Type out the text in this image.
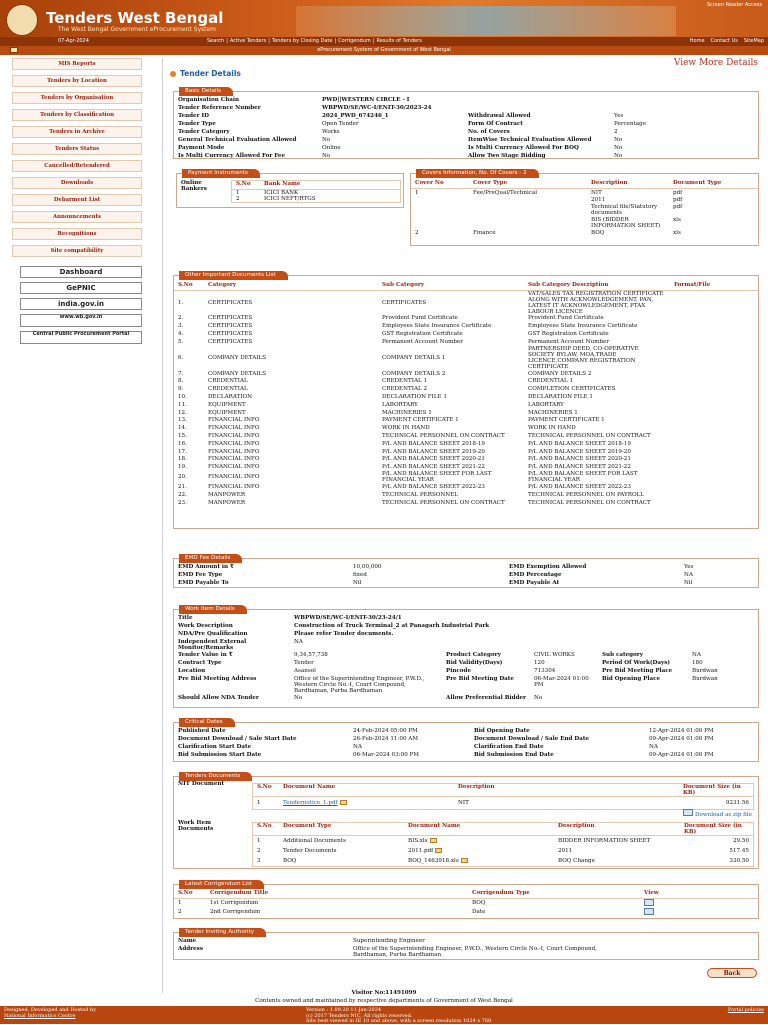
Tenders West Bengal
The West Bengal Government eProcurement System
Screen Reader Access
07-Apr-2024	Search | Active Tenders | Tenders by Closing Date | Corrigendum | Results of Tenders	Home Contact Us SiteMap
eProcurement System of Government of West Bengal
MIS Reports
Tenders by Location
Tenders by Organisation
Tenders by Classification
Tenders in Archive
Tenders Status
Cancelled/Retendered
Downloads
Debarment List
Announcements
Recognitions
Site compatibility
Dashboard
GePNIC
india.gov.in
www.wb.gov.in
Central Public Procurement Portal
Tender Details
View More Details
Basic Details
Organisation Chain	PWD||WESTERN CIRCLE - I		
Tender Reference Number	WBPWD/SE/WC-I/ENIT-30/2023-24		
Tender ID	2024_PWD_674246_1	Withdrawal Allowed	Yes
Tender Type	Open Tender	Form Of Contract	Percentage
Tender Category	Works	No. of Covers	2
General Technical Evaluation Allowed	No	ItemWise Technical Evaluation Allowed	No
Payment Mode	Online	Is Multi Currency Allowed For BOQ	No
Is Multi Currency Allowed For Fee	No	Allow Two Stage Bidding	No
Payment Instruments
Online Bankers
S.No	Bank Name
1	ICICI BANK
2	ICICI NEFT/RTGS
Covers Information, No. Of Covers - 2
Cover No	Cover Type	Description	Document Type
1	Fee/PreQual/Technical	NIT	pdf
		2011	pdf
		Technical file/Statutory documents	pdf
		BIS (BIDDER INFORMATION SHEET)	xls
2	Finance	BOQ	xls
Other Important Documents List
S.No	Category	Sub Category	Sub Category Description	Format/File
1.	CERTIFICATES	CERTIFICATES	VAT/SALES TAX REGISTRATION CERTIFICATE ALONG WITH ACKNOWLEDGEMENT, PAN, LATEST IT ACKNOWLEDGEMENT, PTAX LABOUR LICENCE	
2.	CERTIFICATES	Provident Fund Certificate	Provident Fund Certificate	
3.	CERTIFICATES	Employees State Insurance Certificate	Employees State Insurance Certificate	
4.	CERTIFICATES	GST Registration Certificate	GST Registration Certificate	
5.	CERTIFICATES	Permanent Account Number	Permanent Account Number	
6.	COMPANY DETAILS	COMPANY DETAILS 1	PARTNERSHIP DEED, CO-OPERATIVE SOCIETY BYLAW, MOA,TRADE LICENCE,COMPANY REGISTRATION CERTIFICATE	
7.	COMPANY DETAILS	COMPANY DETAILS 2	COMPANY DETAILS 2	
8.	CREDENTIAL	CREDENTIAL 1	CREDENTIAL 1	
9.	CREDENTIAL	CREDENTIAL 2	COMPLETION CERTIFICATES	
10.	DECLARATION	DECLARATION FILE 1	DECLARATION FILE 1	
11.	EQUIPMENT	LABORTARY	LABORTARY	
12.	EQUIPMENT	MACHINERIES 1	MACHINERIES 1	
13.	FINANCIAL INFO	PAYMENT CERTIFICATE 1	PAYMENT CERTIFICATE 1	
14.	FINANCIAL INFO	WORK IN HAND	WORK IN HAND	
15.	FINANCIAL INFO	TECHNICAL PERSONNEL ON CONTRACT	TECHNICAL PERSONNEL ON CONTRACT	
16.	FINANCIAL INFO	P/L AND BALANCE SHEET 2018-19	P/L AND BALANCE SHEET 2018-19	
17.	FINANCIAL INFO	P/L AND BALANCE SHEET 2019-20	P/L AND BALANCE SHEET 2019-20	
18.	FINANCIAL INFO	P/L AND BALANCE SHEET 2020-21	P/L AND BALANCE SHEET 2020-21	
19.	FINANCIAL INFO	P/L AND BALANCE SHEET 2021-22	P/L AND BALANCE SHEET 2021-22	
20.	FINANCIAL INFO	P/L AND BALANCE SHEET FOR LAST FINANCIAL YEAR	P/L AND BALANCE SHEET FOR LAST FINANCIAL YEAR	
21.	FINANCIAL INFO	P/L AND BALANCE SHEET 2022-23	P/L AND BALANCE SHEET 2022-23	
22.	MANPOWER	TECHNICAL PERSONNEL	TECHNICAL PERSONNEL ON PAYROLL	
23.	MANPOWER	TECHNICAL PERSONNEL ON CONTRACT	TECHNICAL PERSONNEL ON CONTRACT	
EMD Fee Details
EMD Amount in ₹	10,00,000	EMD Exemption Allowed	Yes
EMD Fee Type	fixed	EMD Percentage	NA
EMD Payable To	Nil	EMD Payable At	Nil
Work Item Details
Title	WBPWD/SE/WC-I/ENIT-30/23-24/1				
Work Description	Construction of Truck Terminal_2 at Panagarh Industrial Park				
NDA/Pre Qualification	Please refer Tender documents.				
Independent External Monitor/Remarks	NA				
Tender Value in ₹	9,34,57,738	Product Category	CIVIL WORKS	Sub category	NA
Contract Type	Tender	Bid Validity(Days)	120	Period Of Work(Days)	180
Location	Asansol	Pincode	713304	Pre Bid Meeting Place	Burdwan
Pre Bid Meeting Address	Office of the Superintending Engineer, P.W.D., Western Circle No.-I, Court Compound, Bardhaman, Purba Bardhaman	Pre Bid Meeting Date	06-Mar-2024 01:00 PM	Bid Opening Place	Burdwan
Should Allow NDA Tender	No	Allow Preferential Bidder	No		
Critical Dates
Published Date	24-Feb-2024 05:00 PM	Bid Opening Date	12-Apr-2024 01:00 PM
Document Download / Sale Start Date	26-Feb-2024 11:00 AM	Document Download / Sale End Date	09-Apr-2024 01:00 PM
Clarification Start Date	NA	Clarification End Date	NA
Bid Submission Start Date	06-Mar-2024 03:00 PM	Bid Submission End Date	09-Apr-2024 01:00 PM
Tenders Documents
NIT Document	S.No	Document Name	Description	Document Size (in KB)
1	Tendernotice_1.pdf	NIT	9231.56
Download as zip file
Work Item Documents	S.No	Document Type	Document Name	Description	Document Size (in KB)
1	Additional Documents	BIS.xls	BIDDER INFORMATION SHEET	29.50
2	Tender Documents	2011.pdf	2011	517.45
3	BOQ	BOQ_1463918.xls	BOQ Change	330.50
Latest Corrigendum List
S.No	Corrigendum Title	Corrigendum Type	View
1	1st Corrigendum	BOQ	
2	2nd Corrigendum	Date	
Tender Inviting Authority
Name	Superintending Engineer
Address	Office of the Superintending Engineer, P.W.D., Western Circle No.-I, Court Compound, Bardhaman, Purba Bardhaman
Back
Visitor No:11491099
Contents owned and maintained by respective departments of Government of West Bengal
Designed, Developed and Hosted by
National Informatics Centre
Version : 1.09.20 11-Jan-2024
(c) 2017 Tenders NIC, All rights reserved.
Site best viewed in IE 10 and above, with a screen resolution 1024 x 768
Portal policies
